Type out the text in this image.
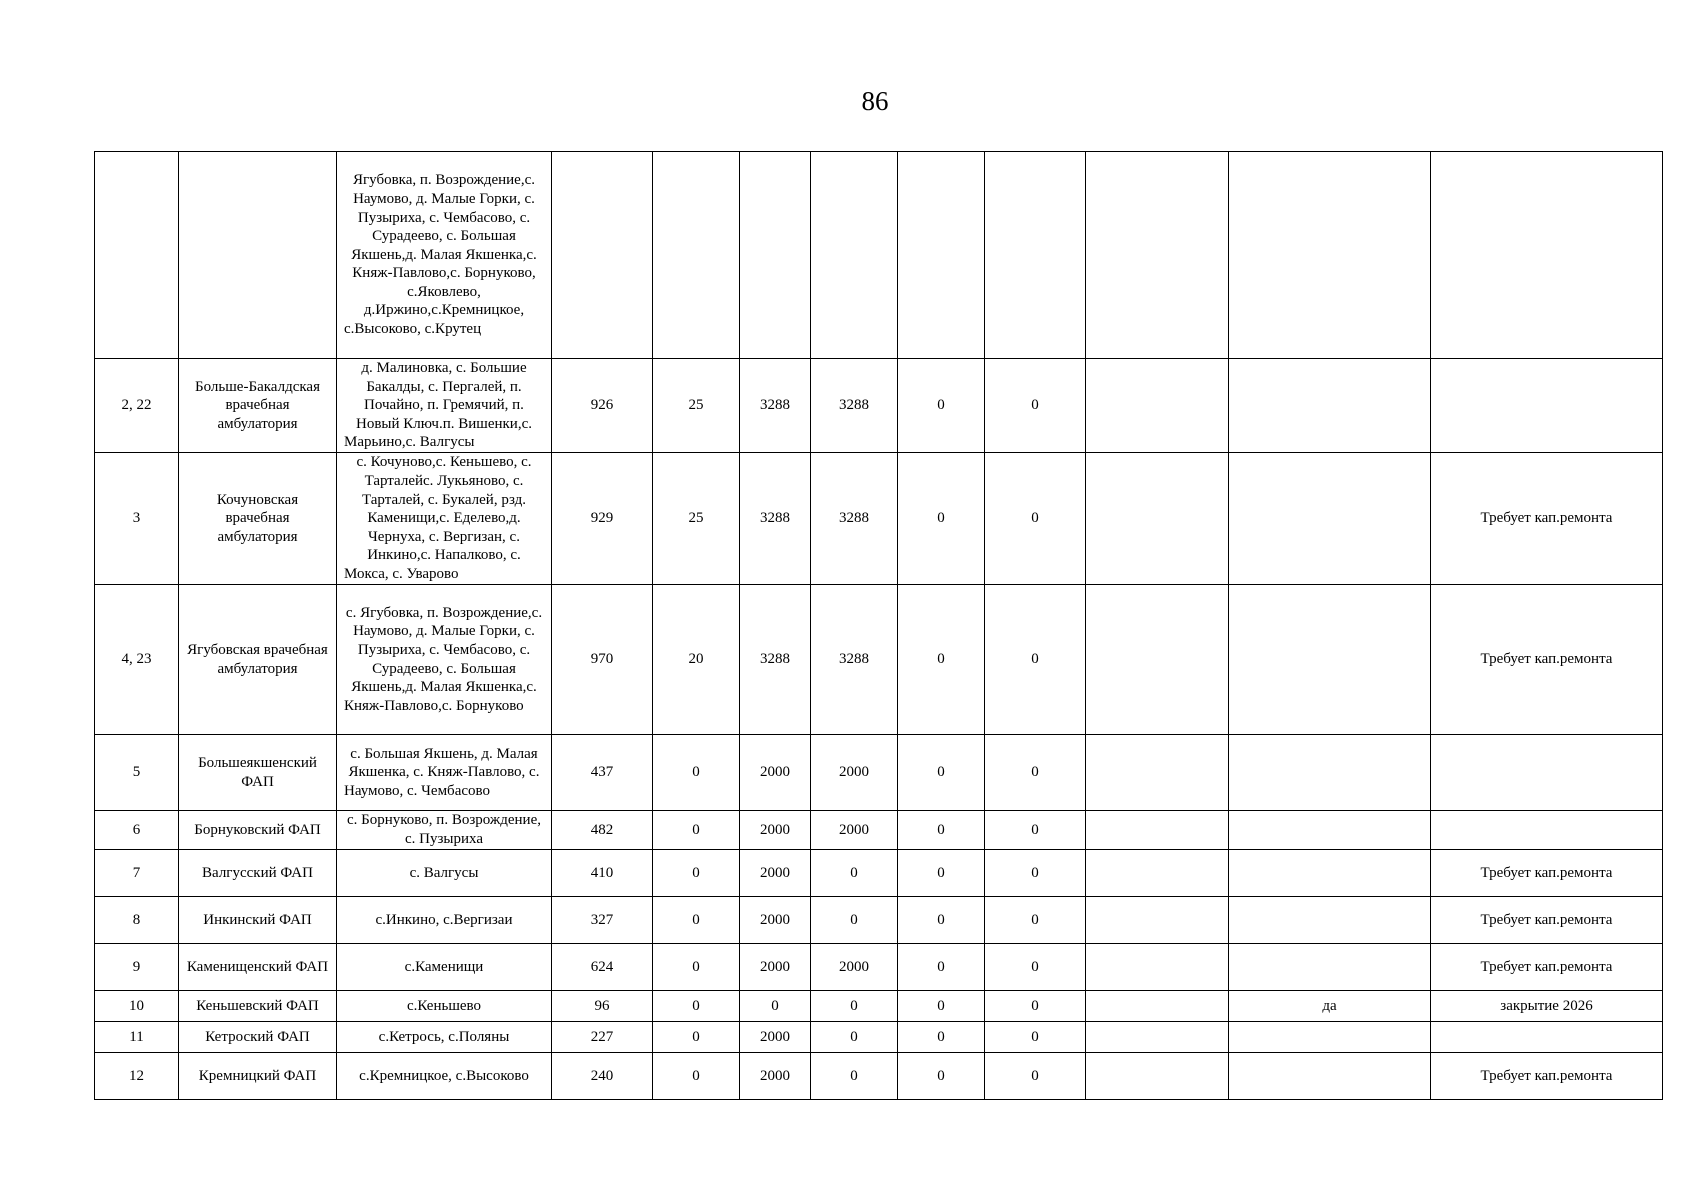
86
		Ягубовка, п. Возрождение,с. Наумово, д. Малые Горки, с. Пузыриха, с. Чембасово, с. Сурадеево, с. Большая Якшень,д. Малая Якшенка,с. Княж-Павлово,с. Борнуково, с.Яковлево, д.Иржино,с.Кремницкое, с.Высоково, с.Крутец									
2, 22	Больше-Бакалдская врачебная амбулатория	д. Малиновка, с. Большие Бакалды, с. Пергалей, п. Почайно, п. Гремячий, п. Новый Ключ.п. Вишенки,с. Марьино,с. Валгусы	926	25	3288	3288	0	0			
3	Кочуновская врачебная амбулатория	с. Кочуново,с. Кеньшево, с. Тарталейс. Лукьяново, с. Тарталей, с. Букалей, рзд. Каменищи,с. Еделево,д. Чернуха, с. Вергизан, с. Инкино,с. Напалково, с. Мокса, с. Уварово	929	25	3288	3288	0	0			Требует кап.ремонта
4, 23	Ягубовская врачебная амбулатория	с. Ягубовка, п. Возрождение,с. Наумово, д. Малые Горки, с. Пузыриха, с. Чембасово, с. Сурадеево, с. Большая Якшень,д. Малая Якшенка,с. Княж-Павлово,с. Борнуково	970	20	3288	3288	0	0			Требует кап.ремонта
5	Большеякшенский ФАП	с. Большая Якшень, д. Малая Якшенка, с. Княж-Павлово, с. Наумово, с. Чембасово	437	0	2000	2000	0	0			
6	Борнуковский ФАП	с. Борнуково, п. Возрождение, с. Пузыриха	482	0	2000	2000	0	0			
7	Валгусский ФАП	с. Валгусы	410	0	2000	0	0	0			Требует кап.ремонта
8	Инкинский ФАП	с.Инкино, с.Вергизаи	327	0	2000	0	0	0			Требует кап.ремонта
9	Каменищенский ФАП	с.Каменищи	624	0	2000	2000	0	0			Требует кап.ремонта
10	Кеньшевский ФАП	с.Кеньшево	96	0	0	0	0	0		да	закрытие 2026
11	Кетроский ФАП	с.Кетрось, с.Поляны	227	0	2000	0	0	0			
12	Кремницкий ФАП	с.Кремницкое, с.Высоково	240	0	2000	0	0	0			Требует кап.ремонта
